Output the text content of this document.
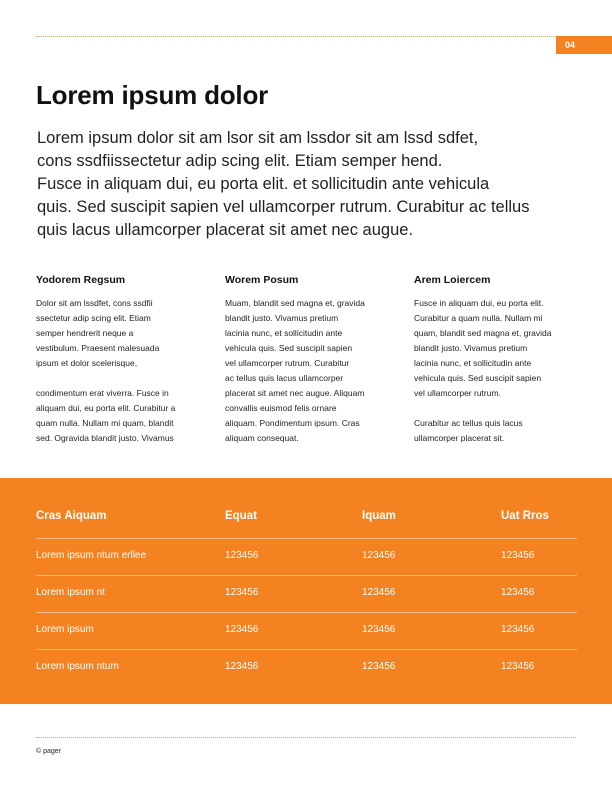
04
Lorem ipsum dolor

Lorem ipsum dolor sit am lsor sit am lssdor sit am lssd sdfet,
cons ssdfiissectetur adip scing elit. Etiam semper hend.
Fusce in aliquam dui, eu porta elit. et sollicitudin ante vehicula
quis. Sed suscipit sapien vel ullamcorper rutrum. Curabitur ac tellus
quis lacus ullamcorper placerat sit amet nec augue.

Yodorem Regsum

Dolor sit am lssdfet, cons ssdfii
ssectetur adip scing elit. Etiam
semper hendrerit neque a
vestibulum. Praesent malesuada
ipsum et dolor scelerisque,

condimentum erat viverra. Fusce in
aliquam dui, eu porta elit. Curabitur a
quam nulla. Nullam mi quam, blandit
sed. Ogravida blandit justo. Vivamus

Worem Posum

Muam, blandit sed magna et, gravida
blandit justo. Vivamus pretium
lacinia nunc, et sollicitudin ante
vehicula quis. Sed suscipit sapien
vel ullamcorper rutrum. Curabitur
ac tellus quis lacus ullamcorper
placerat sit amet nec augue. Aliquam
convallis euismod felis ornare
aliquam. Pondimentum ipsum. Cras
aliquam consequat.

Arem Loiercem

Fusce in aliquam dui, eu porta elit.
Curabitur a quam nulla. Nullam mi
quam, blandit sed magna et, gravida
blandit justo. Vivamus pretium
lacinia nunc, et sollicitudin ante
vehicula quis. Sed suscipit sapien
vel ullamcorper rutrum.

Curabitur ac tellus quis lacus
ullamcorper placerat sit.

Cras Aiquam	Equat	Iquam	Uat Rros
Lorem ipsum ntum erllee	123456	123456	123456
Lorem ipsum nt	123456	123456	123456
Lorem ipsum	123456	123456	123456
Lorem ipsum ntum	123456	123456	123456
© pager
